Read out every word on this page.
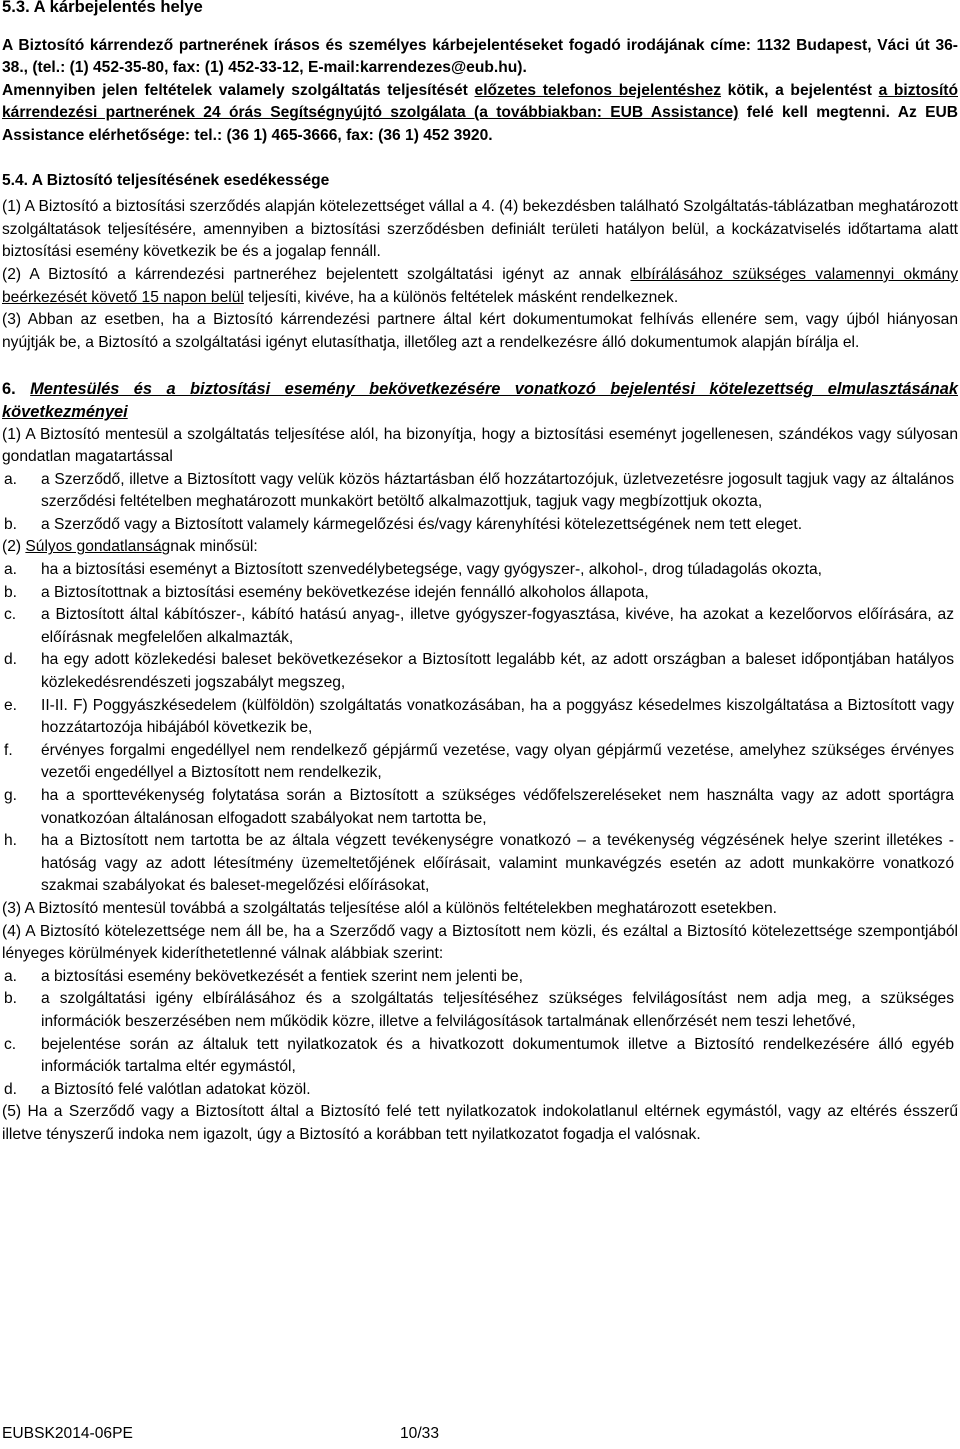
5.3. A kárbejelentés helye

A Biztosító kárrendező partnerének írásos és személyes kárbejelentéseket fogadó irodájának címe: 1132 Budapest, Váci út 36-38., (tel.: (1) 452-35-80, fax: (1) 452-33-12, E-mail:karrendezes@eub.hu).

Amennyiben jelen feltételek valamely szolgáltatás teljesítését előzetes telefonos bejelentéshez kötik, a bejelentést a biztosító kárrendezési partnerének 24 órás Segítségnyújtó szolgálata (a továbbiakban: EUB Assistance) felé kell megtenni. Az EUB Assistance elérhetősége: tel.: (36 1) 465-3666, fax: (36 1) 452 3920.

5.4. A Biztosító teljesítésének esedékessége

(1) A Biztosító a biztosítási szerződés alapján kötelezettséget vállal a 4. (4) bekezdésben található Szolgáltatás-táblázatban meghatározott szolgáltatások teljesítésére, amennyiben a biztosítási szerződésben definiált területi hatályon belül, a kockázatviselés időtartama alatt biztosítási esemény következik be és a jogalap fennáll.

(2) A Biztosító a kárrendezési partneréhez bejelentett szolgáltatási igényt az annak elbírálásához szükséges valamennyi okmány beérkezését követő 15 napon belül teljesíti, kivéve, ha a különös feltételek másként rendelkeznek.

(3) Abban az esetben, ha a Biztosító kárrendezési partnere által kért dokumentumokat felhívás ellenére sem, vagy újból hiányosan nyújtják be, a Biztosító a szolgáltatási igényt elutasíthatja, illetőleg azt a rendelkezésre álló dokumentumok alapján bírálja el.

6. Mentesülés és a biztosítási esemény bekövetkezésére vonatkozó bejelentési kötelezettség elmulasztásának következményei

(1) A Biztosító mentesül a szolgáltatás teljesítése alól, ha bizonyítja, hogy a biztosítási eseményt jogellenesen, szándékos vagy súlyosan gondatlan magatartással

a.	a Szerződő, illetve a Biztosított vagy velük közös háztartásban élő hozzátartozójuk, üzletvezetésre jogosult tagjuk vagy az általános szerződési feltételben meghatározott munkakört betöltő alkalmazottjuk, tagjuk vagy megbízottjuk okozta,
b.	a Szerződő vagy a Biztosított valamely kármegelőzési és/vagy kárenyhítési kötelezettségének nem tett eleget.

(2) Súlyos gondatlanságnak minősül:

a.	ha a biztosítási eseményt a Biztosított szenvedélybetegsége, vagy gyógyszer-, alkohol-, drog túladagolás okozta,
b.	a Biztosítottnak a biztosítási esemény bekövetkezése idején fennálló alkoholos állapota,
c.	a Biztosított által kábítószer-, kábító hatású anyag-, illetve gyógyszer-fogyasztása, kivéve, ha azokat a kezelőorvos előírására, az előírásnak megfelelően alkalmazták,
d.	ha egy adott közlekedési baleset bekövetkezésekor a Biztosított legalább két, az adott országban a baleset időpontjában hatályos közlekedésrendészeti jogszabályt megszeg,
e.	II-II. F) Poggyászkésedelem (külföldön) szolgáltatás vonatkozásában, ha a poggyász késedelmes kiszolgáltatása a Biztosított vagy hozzátartozója hibájából következik be,
f.	érvényes forgalmi engedéllyel nem rendelkező gépjármű vezetése, vagy olyan gépjármű vezetése, amelyhez szükséges érvényes vezetői engedéllyel a Biztosított nem rendelkezik,
g.	ha a sporttevékenység folytatása során a Biztosított a szükséges védőfelszereléseket nem használta vagy az adott sportágra vonatkozóan általánosan elfogadott szabályokat nem tartotta be,
h.	ha a Biztosított nem tartotta be az általa végzett tevékenységre vonatkozó – a tevékenység végzésének helye szerint illetékes - hatóság vagy az adott létesítmény üzemeltetőjének előírásait, valamint munkavégzés esetén az adott munkakörre vonatkozó szakmai szabályokat és baleset-megelőzési előírásokat,

(3) A Biztosító mentesül továbbá a szolgáltatás teljesítése alól a különös feltételekben meghatározott esetekben.

(4) A Biztosító kötelezettsége nem áll be, ha a Szerződő vagy a Biztosított nem közli, és ezáltal a Biztosító kötelezettsége szempontjából lényeges körülmények kideríthetetlenné válnak alábbiak szerint:

a.	a biztosítási esemény bekövetkezését a fentiek szerint nem jelenti be,
b.	a szolgáltatási igény elbírálásához és a szolgáltatás teljesítéséhez szükséges felvilágosítást nem adja meg, a szükséges információk beszerzésében nem működik közre, illetve a felvilágosítások tartalmának ellenőrzését nem teszi lehetővé,
c.	bejelentése során az általuk tett nyilatkozatok és a hivatkozott dokumentumok illetve a Biztosító rendelkezésére álló egyéb információk tartalma eltér egymástól,
d.	a Biztosító felé valótlan adatokat közöl.

(5) Ha a Szerződő vagy a Biztosított által a Biztosító felé tett nyilatkozatok indokolatlanul eltérnek egymástól, vagy az eltérés ésszerű illetve tényszerű indoka nem igazolt, úgy a Biztosító a korábban tett nyilatkozatot fogadja el valósnak.

EUBSK2014-06PE	10/33
